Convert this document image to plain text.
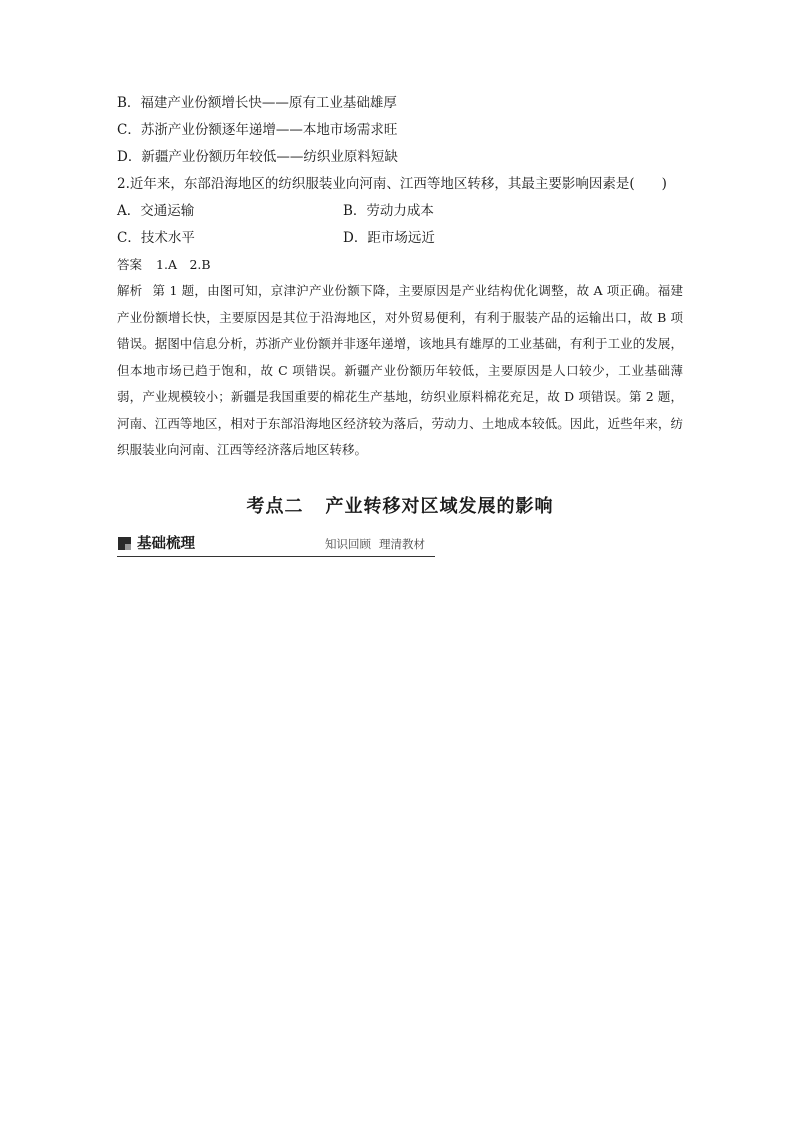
B．福建产业份额增长快——原有工业基础雄厚
C．苏浙产业份额逐年递增——本地市场需求旺
D．新疆产业份额历年较低——纺织业原料短缺
2.近年来，东部沿海地区的纺织服装业向河南、江西等地区转移，其最主要影响因素是(　　)
A．交通运输	B．劳动力成本
C．技术水平	D．距市场远近
答案 1.A　2.B

解析 第 1 题，由图可知，京津沪产业份额下降，主要原因是产业结构优化调整，故 A 项正确。福建产业份额增长快，主要原因是其位于沿海地区，对外贸易便利，有利于服装产品的运输出口，故 B 项错误。据图中信息分析，苏浙产业份额并非逐年递增，该地具有雄厚的工业基础，有利于工业的发展，但本地市场已趋于饱和，故 C 项错误。新疆产业份额历年较低，主要原因是人口较少，工业基础薄弱，产业规模较小；新疆是我国重要的棉花生产基地，纺织业原料棉花充足，故 D 项错误。第 2 题，河南、江西等地区，相对于东部沿海地区经济较为落后，劳动力、土地成本较低。因此，近些年来，纺织服装业向河南、江西等经济落后地区转移。

考点二 产业转移对区域发展的影响
基础梳理	知识回顾 理清教材
